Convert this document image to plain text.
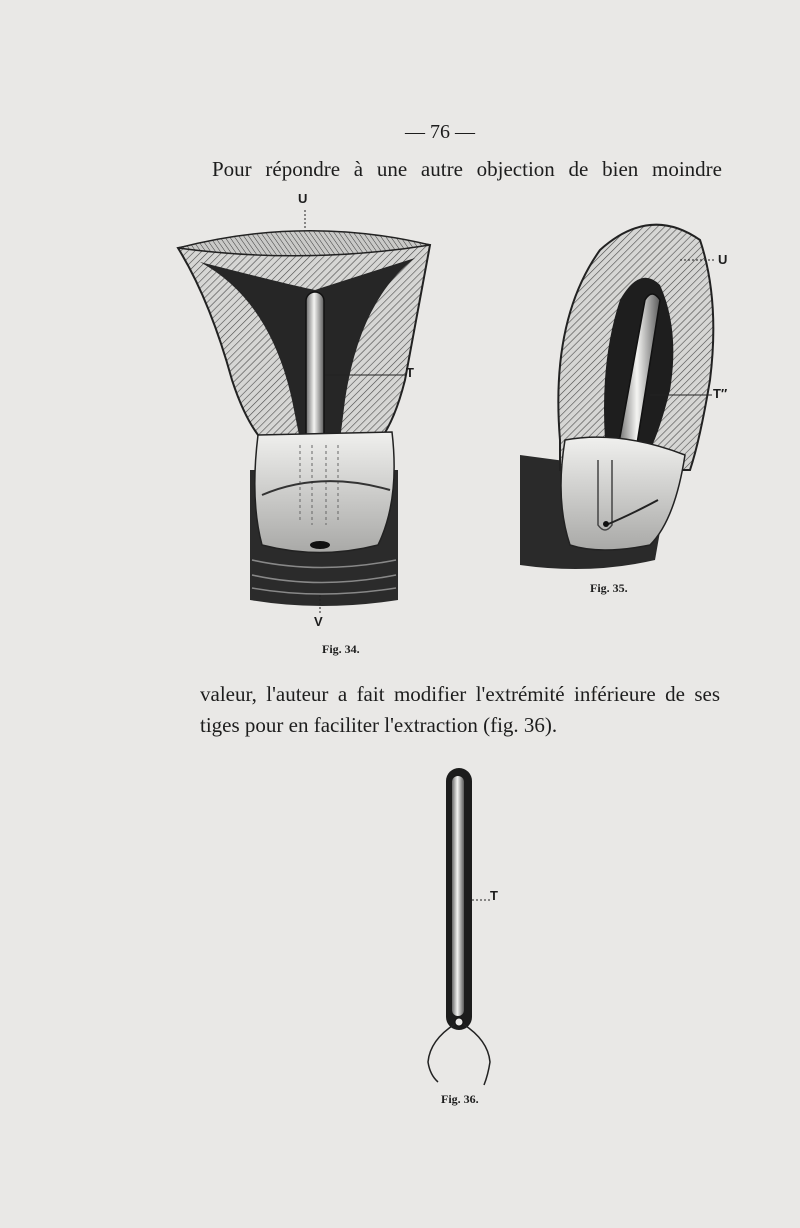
— 76 —

Pour répondre à une autre objection de bien moindre

U
T
V
Fig. 34.
U
T″
Fig. 35.

valeur, l'auteur a fait modifier l'extrémité inférieure de ses
tiges pour en faciliter l'extraction (fig. 36).

T
Fig. 36.
